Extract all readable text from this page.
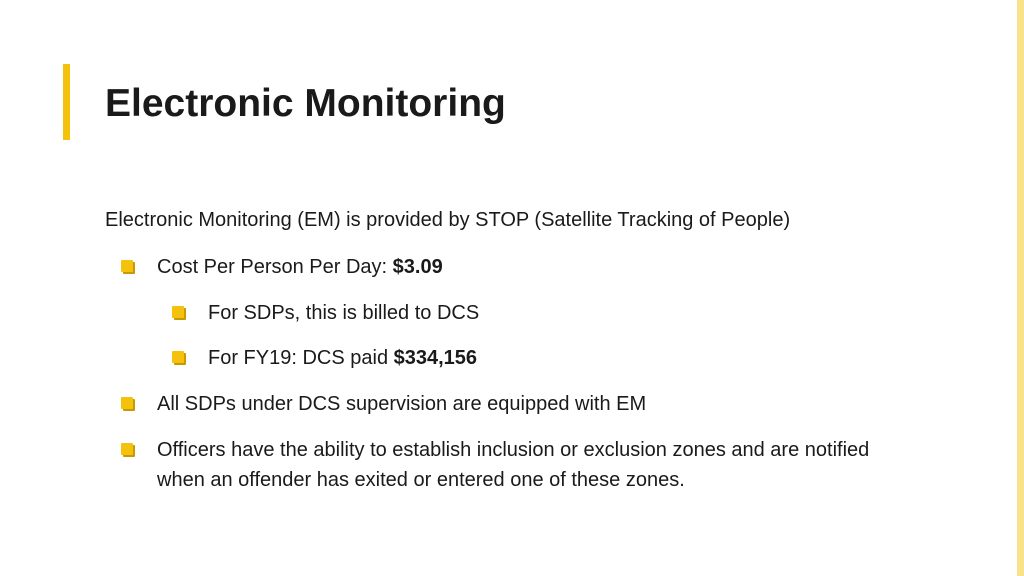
Electronic Monitoring

Electronic Monitoring (EM) is provided by STOP (Satellite Tracking of People)

Cost Per Person Per Day: $3.09
For SDPs, this is billed to DCS
For FY19: DCS paid $334,156
All SDPs under DCS supervision are equipped with EM
Officers have the ability to establish inclusion or exclusion zones and are notified when an offender has exited or entered one of these zones.
